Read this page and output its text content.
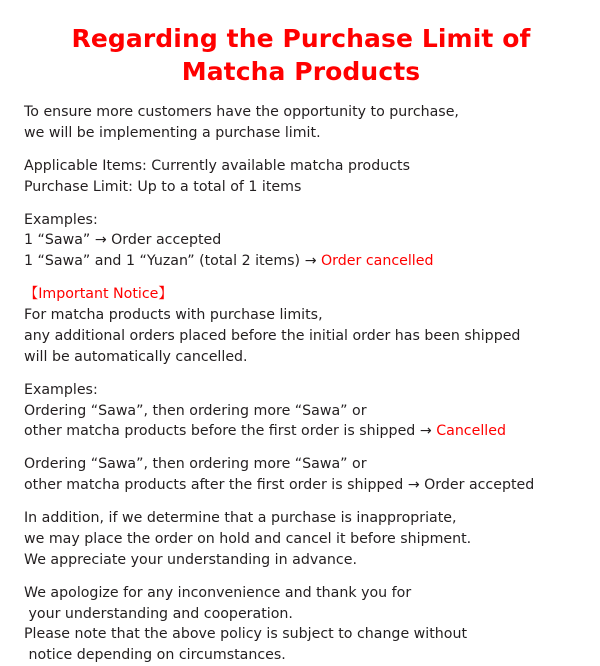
Regarding the Purchase Limit of
Matcha Products
To ensure more customers have the opportunity to purchase,
we will be implementing a purchase limit.
Applicable Items: Currently available matcha products
Purchase Limit: Up to a total of 1 items
Examples:
1 “Sawa” → Order accepted
1 “Sawa” and 1 “Yuzan” (total 2 items) → Order cancelled
【Important Notice】
For matcha products with purchase limits,
any additional orders placed before the initial order has been shipped
will be automatically cancelled.
Examples:
Ordering “Sawa”, then ordering more “Sawa” or
other matcha products before the first order is shipped → Cancelled
Ordering “Sawa”, then ordering more “Sawa” or
other matcha products after the first order is shipped → Order accepted
In addition, if we determine that a purchase is inappropriate,
we may place the order on hold and cancel it before shipment.
We appreciate your understanding in advance.
We apologize for any inconvenience and thank you for
your understanding and cooperation.
Please note that the above policy is subject to change without
notice depending on circumstances.
